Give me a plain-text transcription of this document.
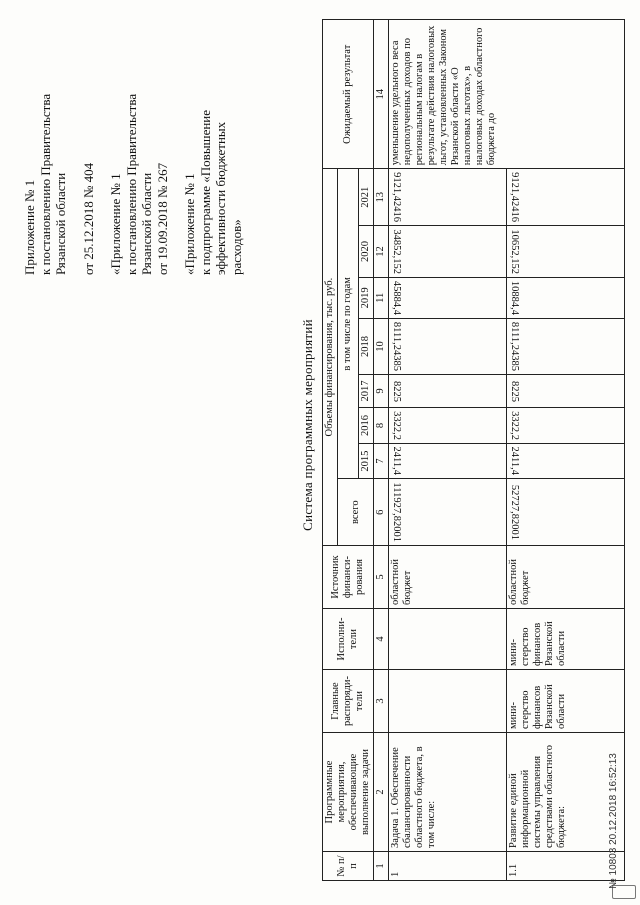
Приложение № 1 к постановлению Правительства Рязанской области от 25.12.2018 № 404 «Приложение № 1 к постановлению Правительства Рязанской области от 19.09.2018 № 267 «Приложение № 1 к подпрограмме «Повышение эффективности бюджетных расходов»
Система программных мероприятий
№ п/п	Программные мероприятия, обеспечивающие выполнение задачи	Главные распоряди- тели	Исполни- тели	Источник финанси- рования	Объемы финансирования, тыс. руб.								Ожидаемый результат
					всего	в том числе по годам							
						2015	2016	2017	2018	2019	2020	2021	
1	2	3	4	5	6	7	8	9	10	11	12	13	14
1	Задача 1. Обеспечение сбалансированности областного бюджета, в том числе:			областной бюджет	111927,82001	2411,4	3322,2	8225	8111,24385	45884,4	34852,152	9121,42416	уменьшение удельного веса недополученных доходов по региональным налогам в результате действия налоговых льгот, установленных Законом Рязанской области «О налоговых льготах», в налоговых доходах областного бюджета до
1.1	Развитие единой информационной системы управления средствами областного бюджета:	мини- стерство финансов Рязанской области	мини- стерство финансов Рязанской области	областной бюджет	52727,82001	2411,4	3322,2	8225	8111,24385	10884,4	10652,152	9121,42416	
№ 10803 20.12.2018 16:52:13
